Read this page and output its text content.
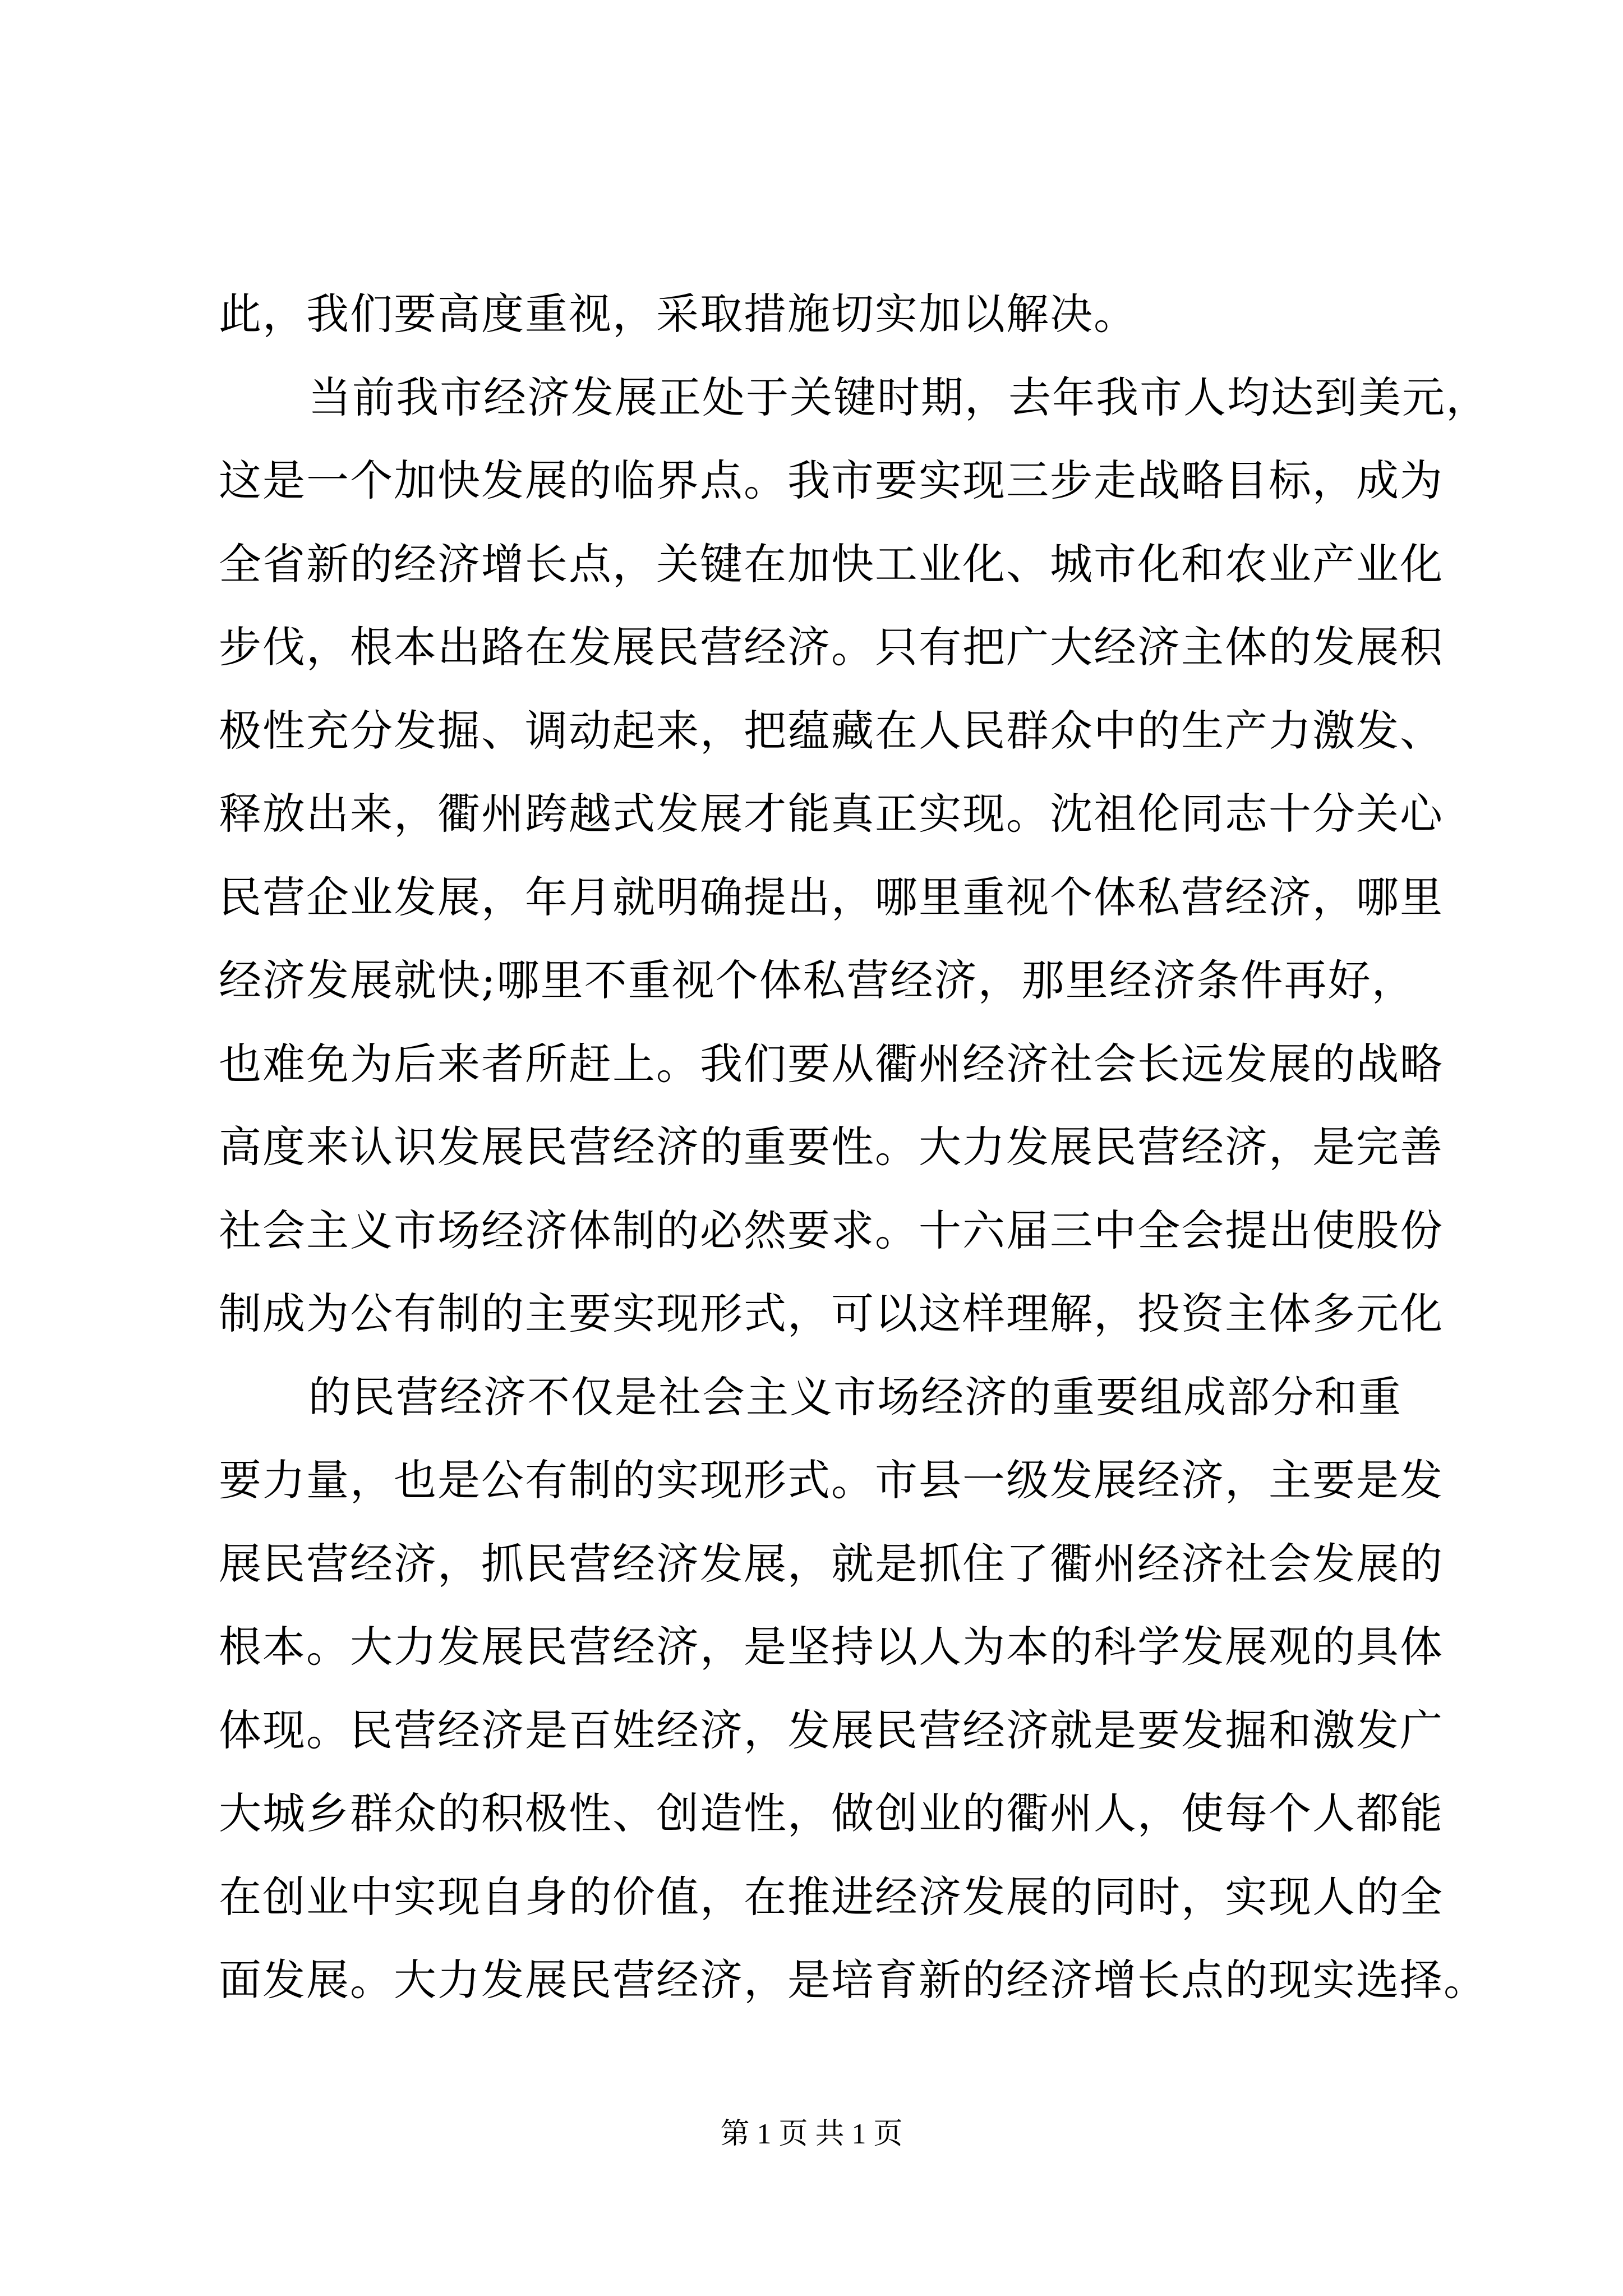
此，我们要高度重视，采取措施切实加以解决。
当前我市经济发展正处于关键时期，去年我市人均达到美元，
这是一个加快发展的临界点。我市要实现三步走战略目标，成为
全省新的经济增长点，关键在加快工业化、城市化和农业产业化
步伐，根本出路在发展民营经济。只有把广大经济主体的发展积
极性充分发掘、调动起来，把蕴藏在人民群众中的生产力激发、
释放出来，衢州跨越式发展才能真正实现。沈祖伦同志十分关心
民营企业发展，年月就明确提出，哪里重视个体私营经济，哪里
经济发展就快;哪里不重视个体私营经济，那里经济条件再好，
也难免为后来者所赶上。我们要从衢州经济社会长远发展的战略
高度来认识发展民营经济的重要性。大力发展民营经济，是完善
社会主义市场经济体制的必然要求。十六届三中全会提出使股份
制成为公有制的主要实现形式，可以这样理解，投资主体多元化
的民营经济不仅是社会主义市场经济的重要组成部分和重
要力量，也是公有制的实现形式。市县一级发展经济，主要是发
展民营经济，抓民营经济发展，就是抓住了衢州经济社会发展的
根本。大力发展民营经济，是坚持以人为本的科学发展观的具体
体现。民营经济是百姓经济，发展民营经济就是要发掘和激发广
大城乡群众的积极性、创造性，做创业的衢州人，使每个人都能
在创业中实现自身的价值，在推进经济发展的同时，实现人的全
面发展。大力发展民营经济，是培育新的经济增长点的现实选择。
第 1 页 共 1 页
